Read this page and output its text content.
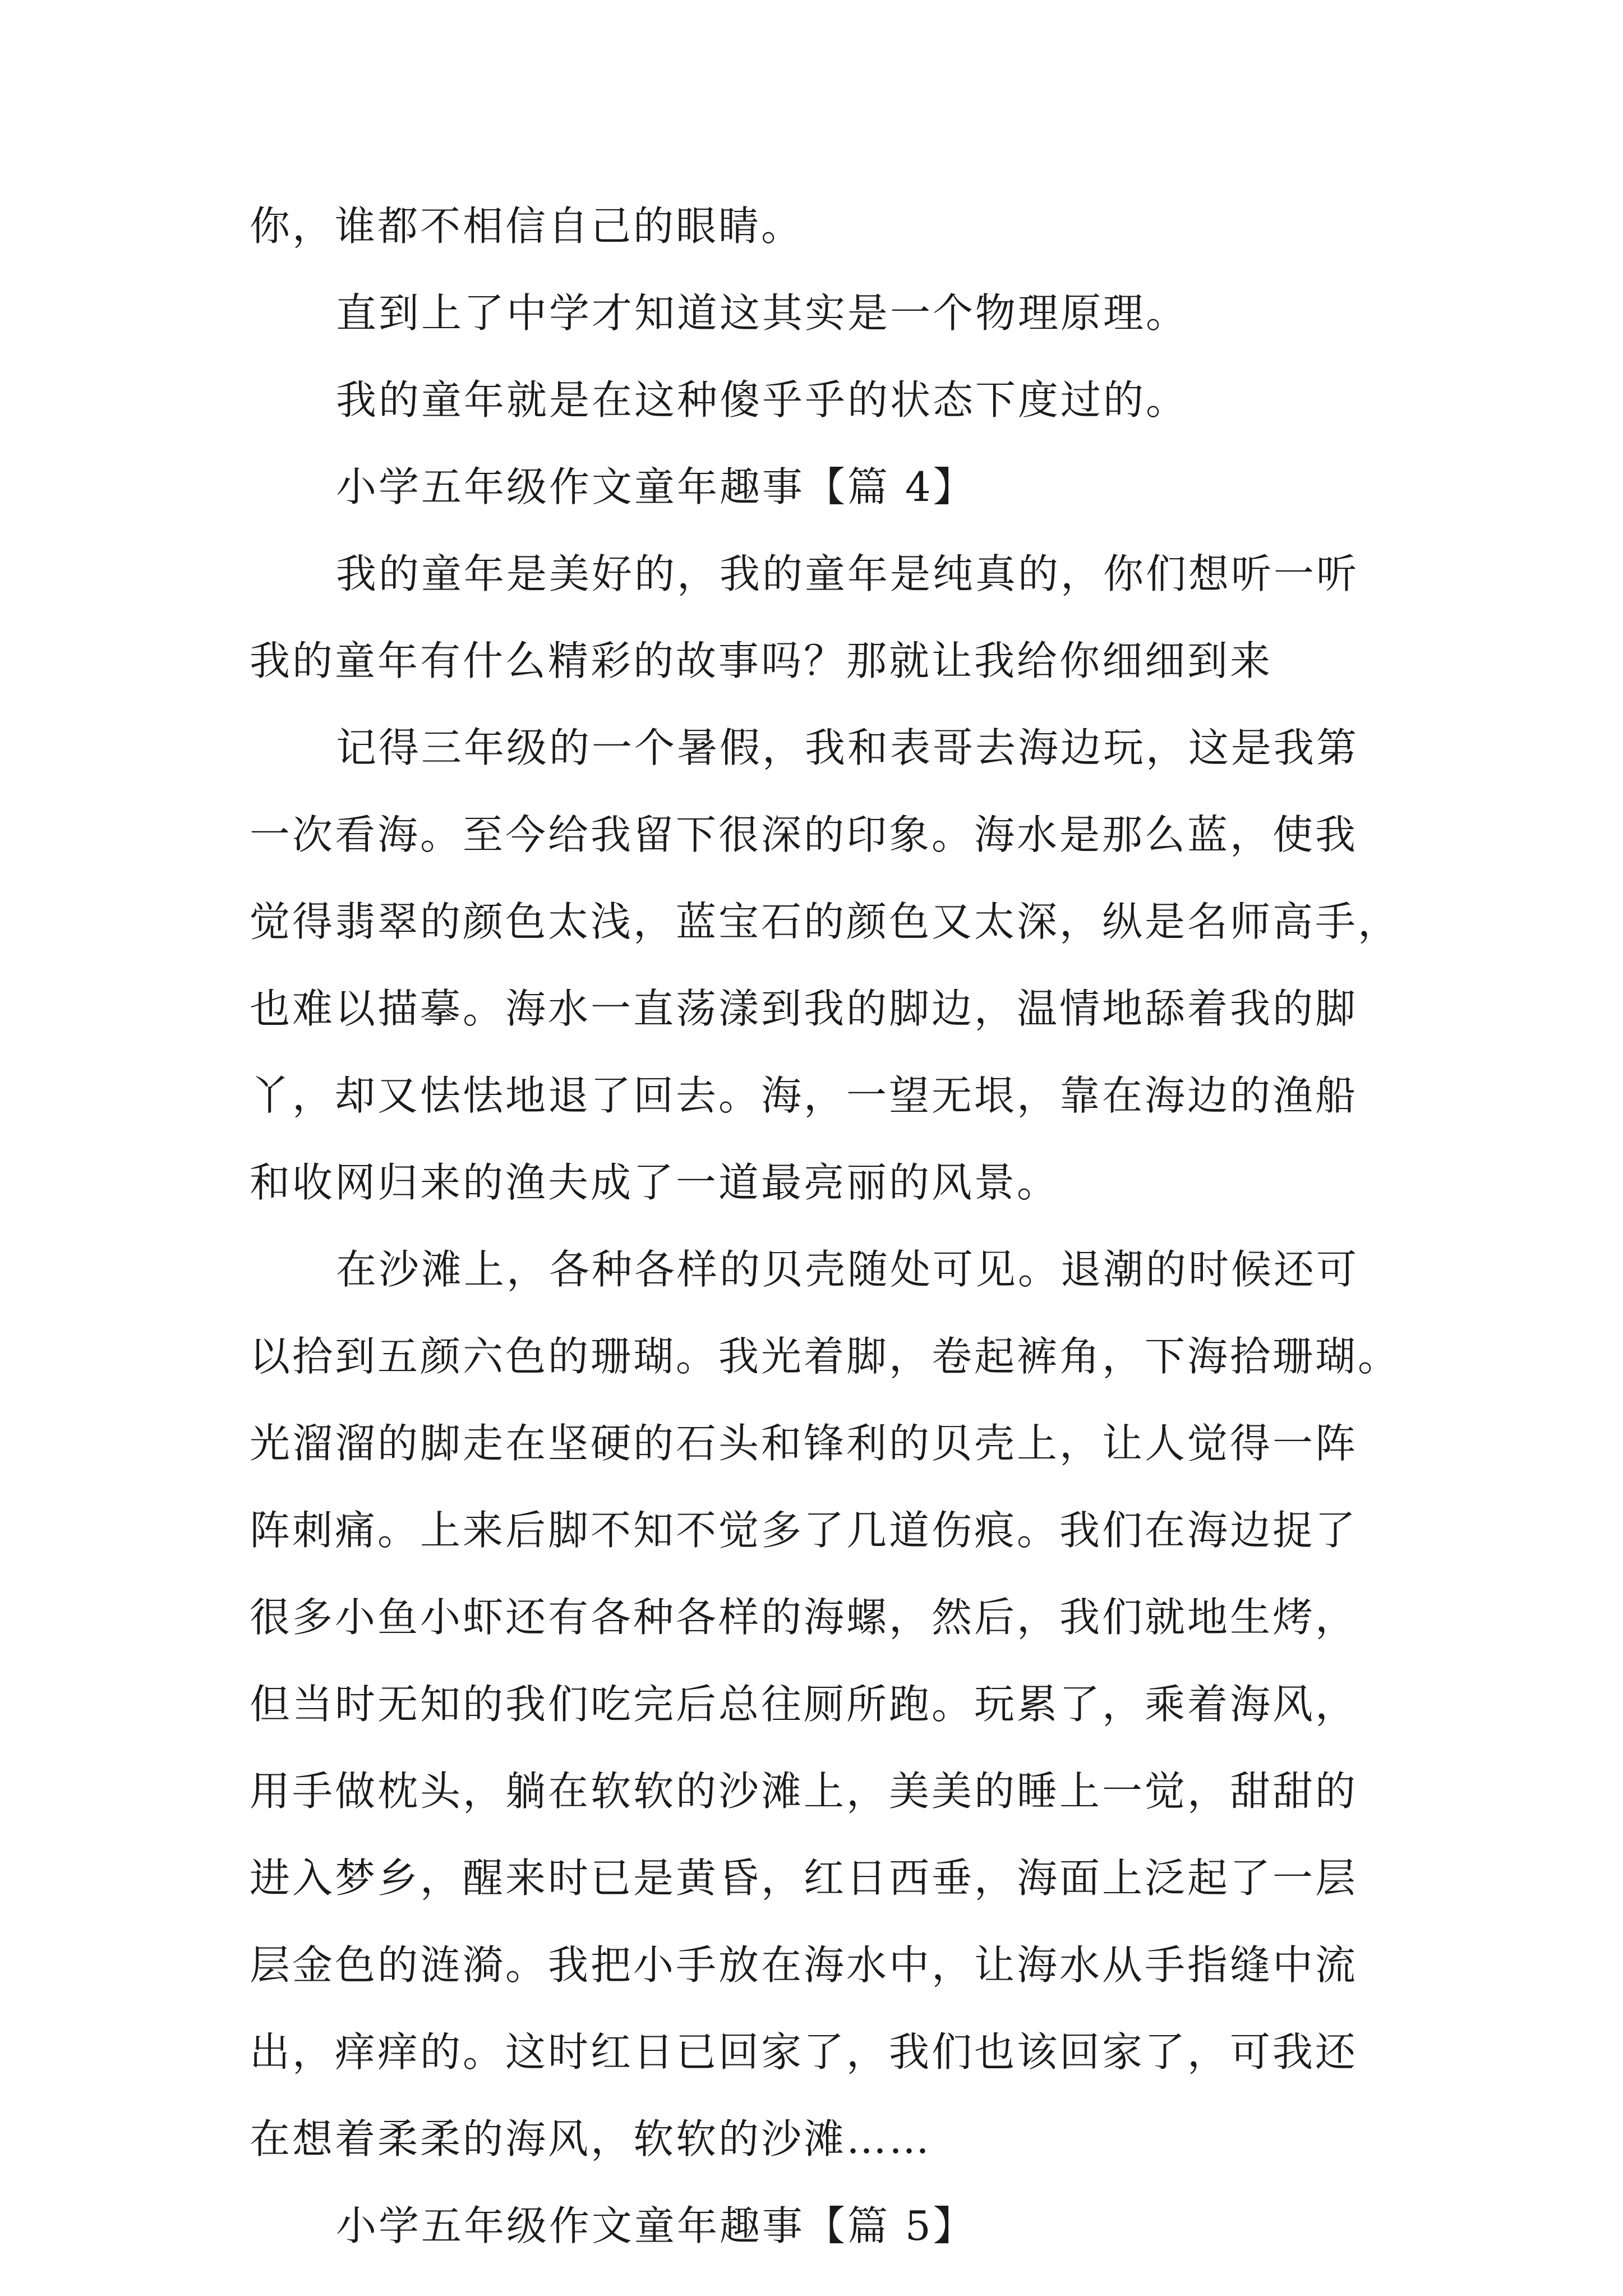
你，谁都不相信自己的眼睛。
直到上了中学才知道这其实是一个物理原理。
我的童年就是在这种傻乎乎的状态下度过的。
小学五年级作文童年趣事【篇 4】
我的童年是美好的，我的童年是纯真的，你们想听一听
我的童年有什么精彩的故事吗？那就让我给你细细到来
记得三年级的一个暑假，我和表哥去海边玩，这是我第
一次看海。至今给我留下很深的印象。海水是那么蓝，使我
觉得翡翠的颜色太浅，蓝宝石的颜色又太深，纵是名师高手，
也难以描摹。海水一直荡漾到我的脚边，温情地舔着我的脚
丫，却又怯怯地退了回去。海，一望无垠，靠在海边的渔船
和收网归来的渔夫成了一道最亮丽的风景。
在沙滩上，各种各样的贝壳随处可见。退潮的时候还可
以拾到五颜六色的珊瑚。我光着脚，卷起裤角，下海拾珊瑚。
光溜溜的脚走在坚硬的石头和锋利的贝壳上，让人觉得一阵
阵刺痛。上来后脚不知不觉多了几道伤痕。我们在海边捉了
很多小鱼小虾还有各种各样的海螺，然后，我们就地生烤，
但当时无知的我们吃完后总往厕所跑。玩累了，乘着海风，
用手做枕头，躺在软软的沙滩上，美美的睡上一觉，甜甜的
进入梦乡，醒来时已是黄昏，红日西垂，海面上泛起了一层
层金色的涟漪。我把小手放在海水中，让海水从手指缝中流
出，痒痒的。这时红日已回家了，我们也该回家了，可我还
在想着柔柔的海风，软软的沙滩……
小学五年级作文童年趣事【篇 5】
